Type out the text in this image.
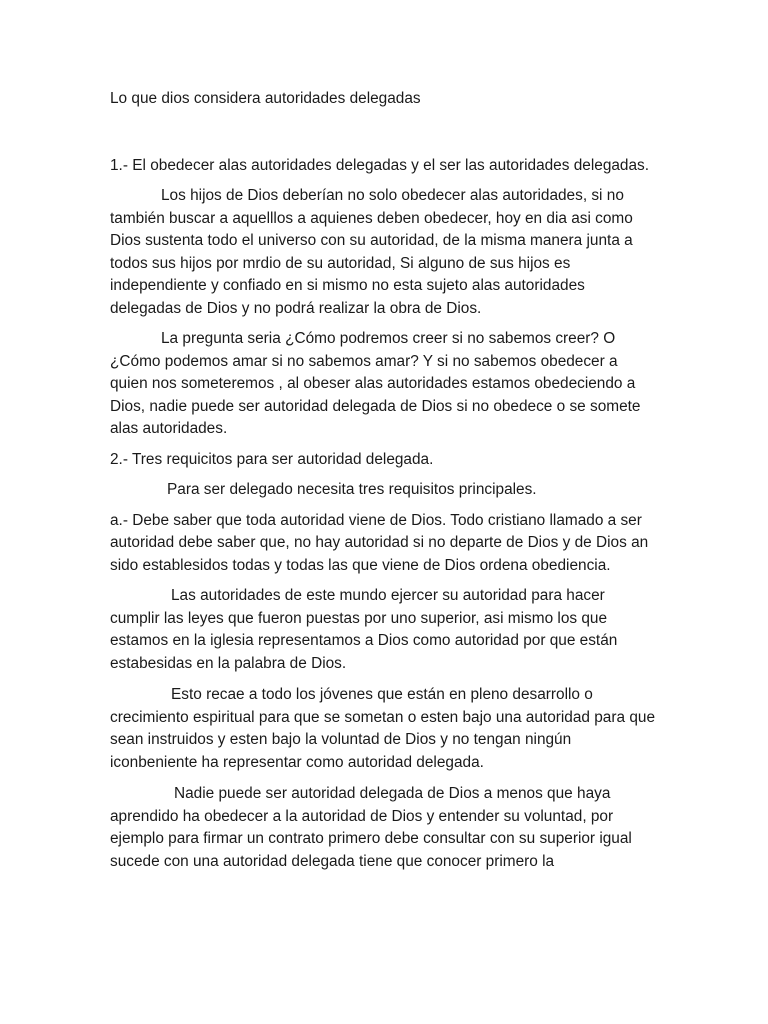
Lo que dios considera autoridades delegadas

1.- El obedecer alas autoridades delegadas y el ser las autoridades delegadas.

Los hijos de Dios deberían no solo obedecer alas autoridades, si no también buscar a aquelllos a aquienes deben obedecer, hoy en dia asi como Dios sustenta todo el universo con su autoridad, de la misma manera junta a todos sus hijos por mrdio de su autoridad, Si alguno de sus hijos es independiente y confiado en si mismo no esta sujeto alas autoridades delegadas de Dios y no podrá realizar la obra de Dios.

La pregunta seria ¿Cómo podremos creer si no sabemos creer? O ¿Cómo podemos amar si no sabemos amar? Y si no sabemos obedecer a quien nos someteremos , al obeser alas autoridades estamos obedeciendo a Dios, nadie puede ser autoridad delegada de Dios si no obedece o se somete alas autoridades.

2.- Tres requicitos para ser autoridad delegada.

Para ser delegado necesita tres requisitos principales.

a.- Debe saber que toda autoridad viene de Dios. Todo cristiano llamado a ser autoridad debe saber que, no hay autoridad si no departe de Dios y de Dios an sido establesidos todas y todas las que viene de Dios ordena obediencia.

Las autoridades de este mundo ejercer su autoridad para hacer cumplir las leyes que fueron puestas por uno superior, asi mismo los que estamos en la iglesia representamos a Dios como autoridad por que están estabesidas en la palabra de Dios.

Esto recae a todo los jóvenes que están en pleno desarrollo o crecimiento espiritual para que se sometan o esten bajo una autoridad para que sean instruidos y esten bajo la voluntad de Dios y no tengan ningún iconbeniente ha representar como autoridad delegada.

Nadie puede ser autoridad delegada de Dios a menos que haya aprendido ha obedecer a la autoridad de Dios y entender su voluntad, por ejemplo para firmar un contrato primero debe consultar con su superior igual sucede con una autoridad delegada tiene que conocer primero la
